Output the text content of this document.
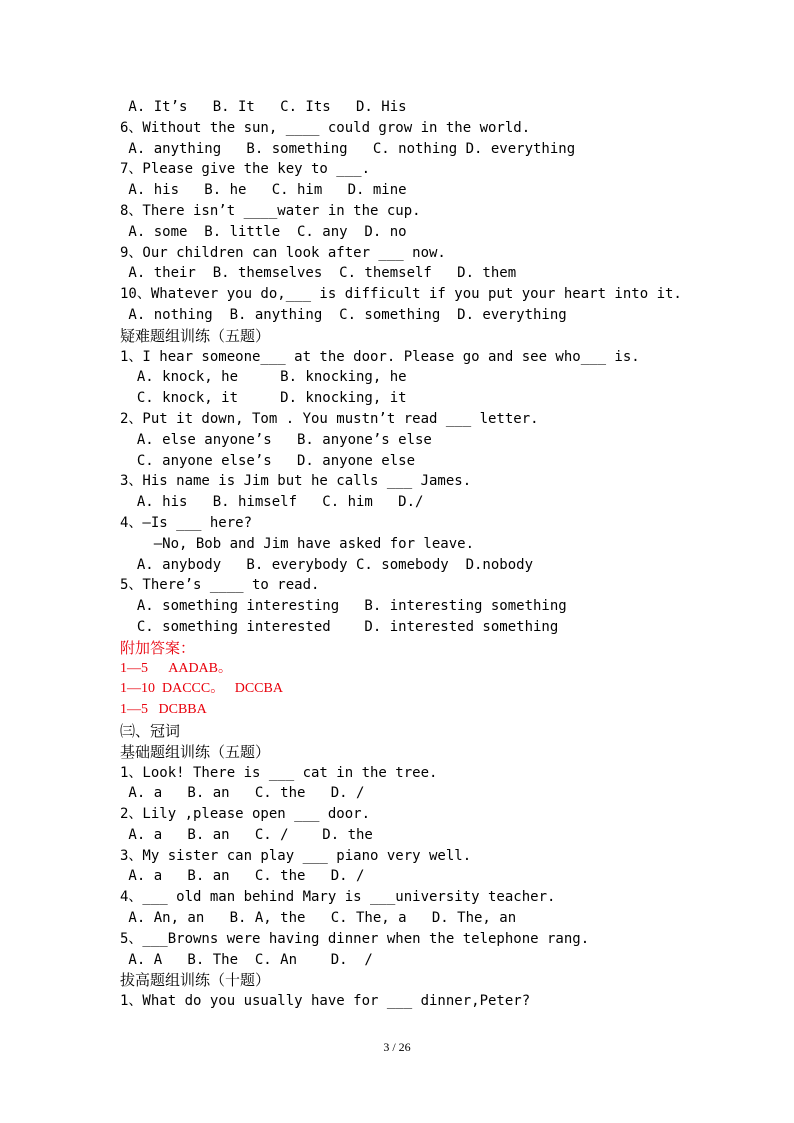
A. It’s   B. It   C. Its   D. His
6、Without the sun, ____ could grow in the world.
A. anything   B. something   C. nothing D. everything
7、Please give the key to ___.
A. his   B. he   C. him   D. mine
8、There isn’t ____water in the cup.
A. some  B. little  C. any  D. no
9、Our children can look after ___ now.
A. their  B. themselves  C. themself   D. them
10、Whatever you do,___ is difficult if you put your heart into it.
A. nothing  B. anything  C. something  D. everything
疑难题组训练（五题）
1、I hear someone___ at the door. Please go and see who___ is.
A. knock, he     B. knocking, he
C. knock, it     D. knocking, it
2、Put it down, Tom . You mustn’t read ___ letter.
A. else anyone’s   B. anyone’s else
C. anyone else’s   D. anyone else
3、His name is Jim but he calls ___ James.
A. his   B. himself   C. him   D./
4、—Is ___ here?
—No, Bob and Jim have asked for leave.
A. anybody   B. everybody C. somebody  D.nobody
5、There’s ____ to read.
A. something interesting   B. interesting something
C. something interested    D. interested something
附加答案：
1—5      AADAB。
1—10  DACCC。   DCCBA
1—5   DCBBA
㈢、冠词
基础题组训练（五题）
1、Look! There is ___ cat in the tree.
A. a   B. an   C. the   D. /
2、Lily ,please open ___ door.
A. a   B. an   C. /    D. the
3、My sister can play ___ piano very well.
A. a   B. an   C. the   D. /
4、___ old man behind Mary is ___university teacher.
A. An, an   B. A, the   C. The, a   D. The, an
5、___Browns were having dinner when the telephone rang.
A. A   B. The  C. An    D.  /
拔高题组训练（十题）
1、What do you usually have for ___ dinner,Peter?
3 / 26
